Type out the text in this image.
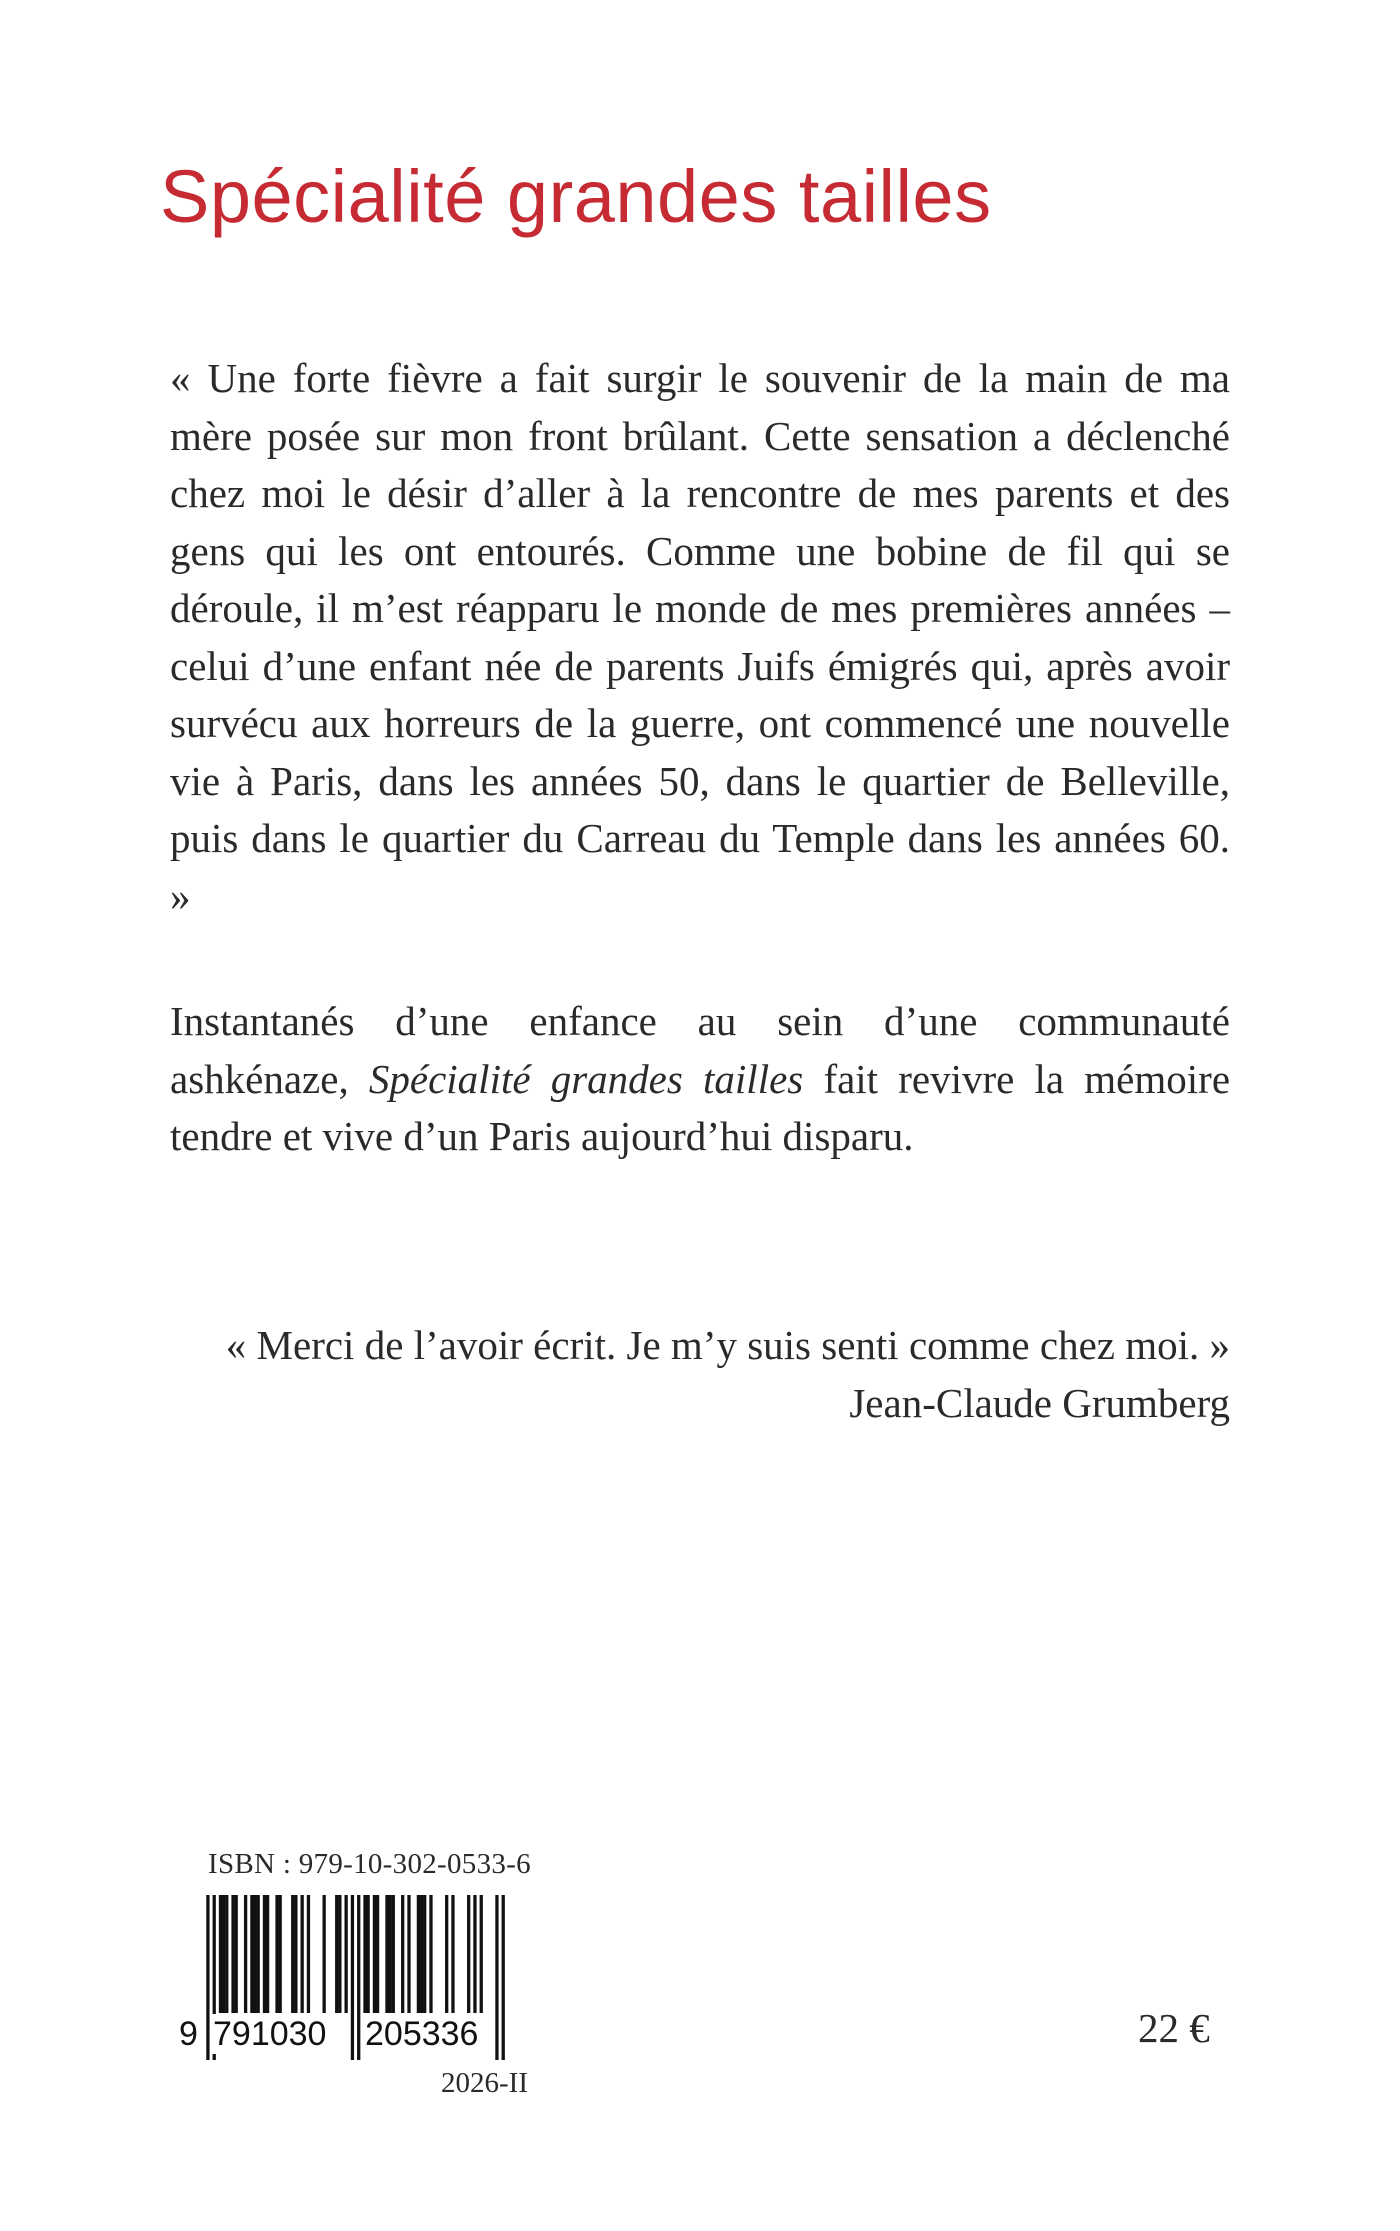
Spécialité grandes tailles

« Une forte fièvre a fait surgir le souvenir de la main de ma mère posée sur mon front brûlant. Cette sensation a déclenché chez moi le désir d’aller à la rencontre de mes parents et des gens qui les ont entourés. Comme une bobine de fil qui se déroule, il m’est réapparu le monde de mes premières années – celui d’une enfant née de parents Juifs émigrés qui, après avoir survécu aux horreurs de la guerre, ont commencé une nouvelle vie à Paris, dans les années 50, dans le quartier de Belleville, puis dans le quartier du Carreau du Temple dans les années 60. »

Instantanés d’une enfance au sein d’une communauté ashkénaze, Spécialité grandes tailles fait revivre la mémoire tendre et vive d’un Paris aujourd’hui disparu.

« Merci de l’avoir écrit. Je m’y suis senti comme chez moi. »
Jean-Claude Grumberg

ISBN : 979-10-302-0533-6
9 791030 205336
2026-II
22 €
